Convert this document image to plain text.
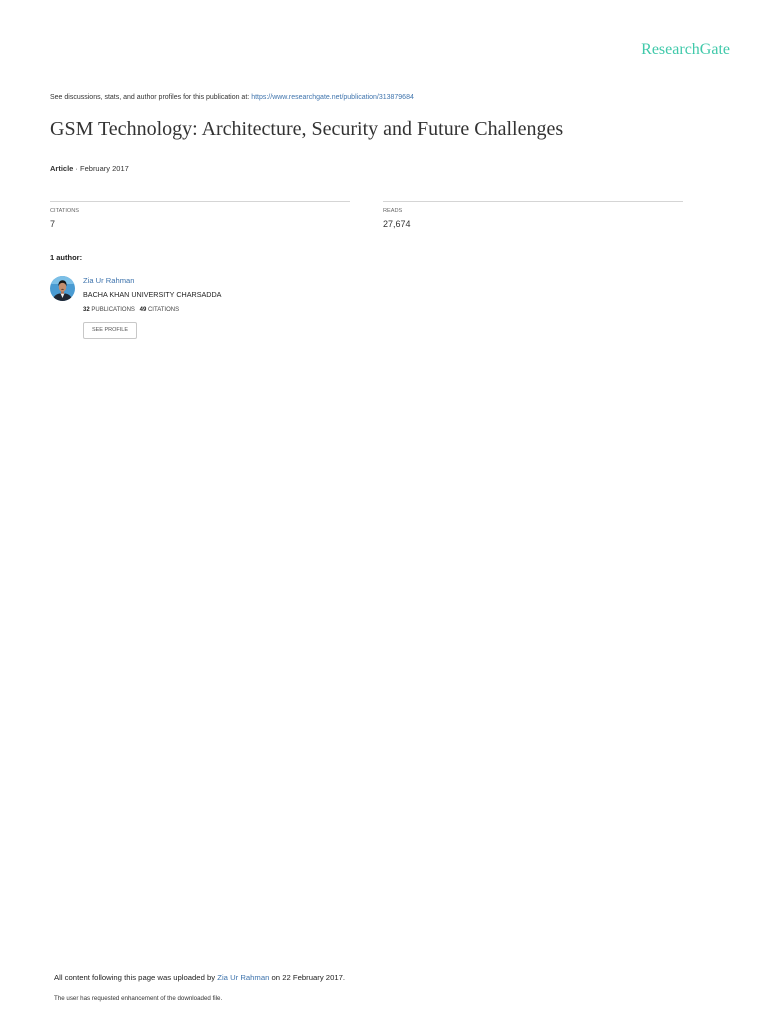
ResearchGate
See discussions, stats, and author profiles for this publication at: https://www.researchgate.net/publication/313879684
GSM Technology: Architecture, Security and Future Challenges
Article · February 2017
CITATIONS
7
READS
27,674
1 author:
Zia Ur Rahman
BACHA KHAN UNIVERSITY CHARSADDA
32 PUBLICATIONS 49 CITATIONS
SEE PROFILE
All content following this page was uploaded by Zia Ur Rahman on 22 February 2017.
The user has requested enhancement of the downloaded file.
